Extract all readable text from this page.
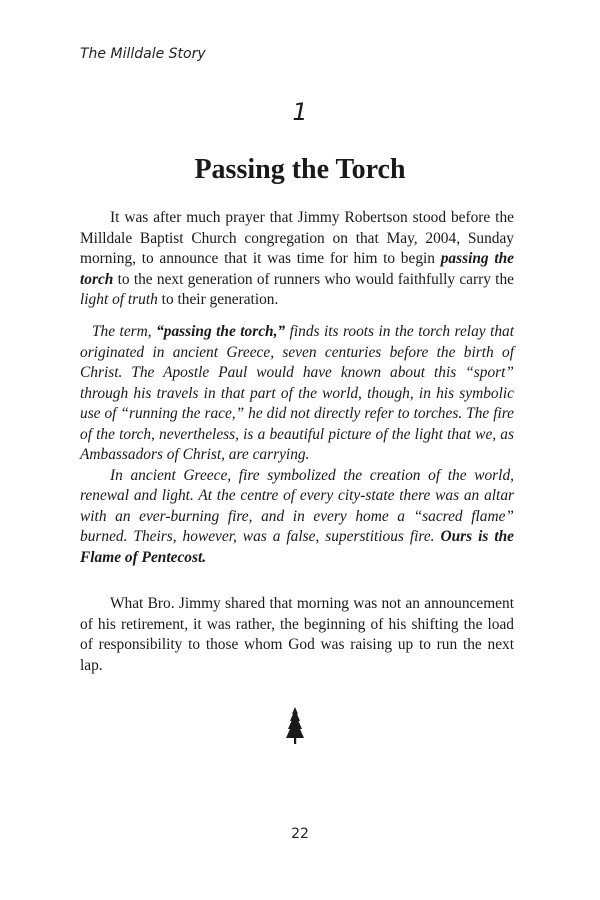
The Milldale Story
1
Passing the Torch

It was after much prayer that Jimmy Robertson stood before the Milldale Baptist Church congregation on that May, 2004, Sunday morning, to announce that it was time for him to begin passing the torch to the next generation of runners who would faithfully carry the light of truth to their generation.

The term, “passing the torch,” finds its roots in the torch relay that originated in ancient Greece, seven centuries before the birth of Christ. The Apostle Paul would have known about this “sport” through his travels in that part of the world, though, in his symbolic use of “running the race,” he did not directly refer to torches. The fire of the torch, nevertheless, is a beautiful picture of the light that we, as Ambassadors of Christ, are carrying.

In ancient Greece, fire symbolized the creation of the world, renewal and light. At the centre of every city-state there was an altar with an ever-burning fire, and in every home a “sacred flame” burned. Theirs, however, was a false, superstitious fire. Ours is the Flame of Pentecost.

What Bro. Jimmy shared that morning was not an announcement of his retirement, it was rather, the beginning of his shifting the load of responsibility to those whom God was raising up to run the next lap.

22
